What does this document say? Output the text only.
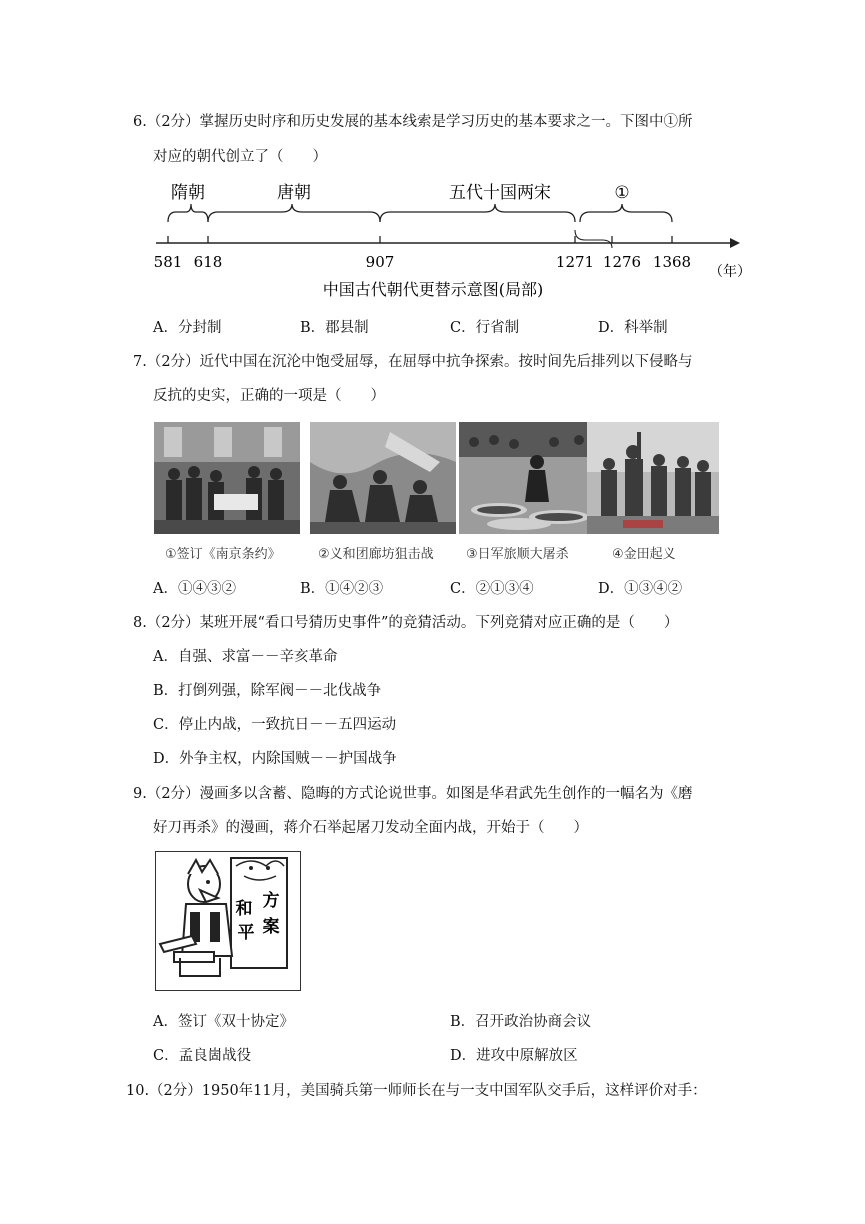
6.（2分）掌握历史时序和历史发展的基本线索是学习历史的基本要求之一。下图中①所
对应的朝代创立了（　　）
隋朝	唐朝	五代十国两宋	①
581 618	907	1271 1276 1368
（年）
中国古代朝代更替示意图(局部)
A．分封制	B．郡县制	C．行省制	D．科举制
7.（2分）近代中国在沉沦中饱受屈辱，在屈辱中抗争探索。按时间先后排列以下侵略与
反抗的史实，正确的一项是（　　）
①签订《南京条约》	②义和团廊坊狙击战 ③日军旅顺大屠杀	④金田起义
A．①④③②	B．①④②③	C．②①③④	D．①③④②
8.（2分）某班开展“看口号猜历史事件”的竞猜活动。下列竞猜对应正确的是（　　）
A．自强、求富－－辛亥革命
B．打倒列强，除军阀－－北伐战争
C．停止内战，一致抗日－－五四运动
D．外争主权，内除国贼－－护国战争
9.（2分）漫画多以含蓄、隐晦的方式论说世事。如图是华君武先生创作的一幅名为《磨
好刀再杀》的漫画，蒋介石举起屠刀发动全面内战，开始于（　　）
和 方
平 案
A．签订《双十协定》	B．召开政治协商会议
C．孟良崮战役	D．进攻中原解放区
10.（2分）1950年11月，美国骑兵第一师师长在与一支中国军队交手后，这样评价对手：
